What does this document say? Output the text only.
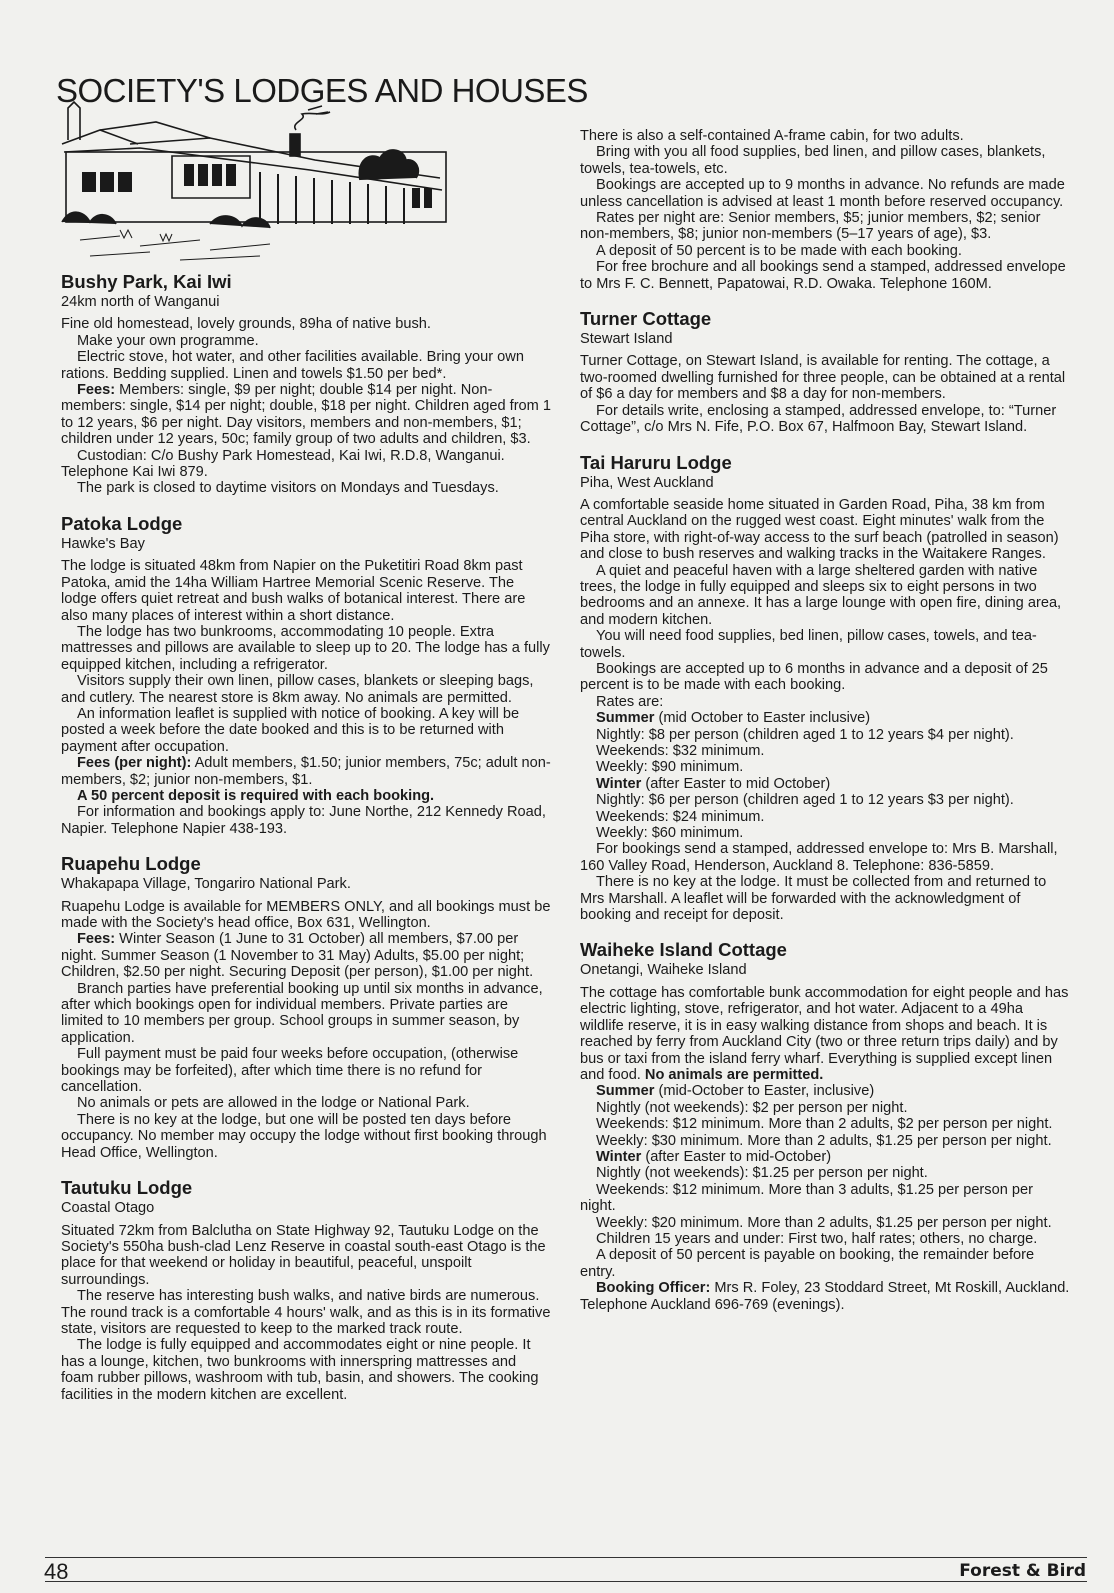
SOCIETY'S LODGES AND HOUSES
Bushy Park, Kai Iwi
24km north of Wanganui

Fine old homestead, lovely grounds, 89ha of native bush.

Make your own programme.

Electric stove, hot water, and other facilities available. Bring your own rations. Bedding supplied. Linen and towels $1.50 per bed*.

Fees: Members: single, $9 per night; double $14 per night. Non-members: single, $14 per night; double, $18 per night. Children aged from 1 to 12 years, $6 per night. Day visitors, members and non-members, $1; children under 12 years, 50c; family group of two adults and children, $3.

Custodian: C/o Bushy Park Homestead, Kai Iwi, R.D.8, Wanganui. Telephone Kai Iwi 879.

The park is closed to daytime visitors on Mondays and Tuesdays.

Patoka Lodge
Hawke's Bay

The lodge is situated 48km from Napier on the Puketitiri Road 8km past Patoka, amid the 14ha William Hartree Memorial Scenic Reserve. The lodge offers quiet retreat and bush walks of botanical interest. There are also many places of interest within a short distance.

The lodge has two bunkrooms, accommodating 10 people. Extra mattresses and pillows are available to sleep up to 20. The lodge has a fully equipped kitchen, including a refrigerator.

Visitors supply their own linen, pillow cases, blankets or sleeping bags, and cutlery. The nearest store is 8km away. No animals are permitted.

An information leaflet is supplied with notice of booking. A key will be posted a week before the date booked and this is to be returned with payment after occupation.

Fees (per night): Adult members, $1.50; junior members, 75c; adult non-members, $2; junior non-members, $1.

A 50 percent deposit is required with each booking.

For information and bookings apply to: June Northe, 212 Kennedy Road, Napier. Telephone Napier 438-193.

Ruapehu Lodge
Whakapapa Village, Tongariro National Park.

Ruapehu Lodge is available for MEMBERS ONLY, and all bookings must be made with the Society's head office, Box 631, Wellington.

Fees: Winter Season (1 June to 31 October) all members, $7.00 per night. Summer Season (1 November to 31 May) Adults, $5.00 per night; Children, $2.50 per night. Securing Deposit (per person), $1.00 per night.

Branch parties have preferential booking up until six months in advance, after which bookings open for individual members. Private parties are limited to 10 members per group. School groups in summer season, by application.

Full payment must be paid four weeks before occupation, (otherwise bookings may be forfeited), after which time there is no refund for cancellation.

No animals or pets are allowed in the lodge or National Park.

There is no key at the lodge, but one will be posted ten days before occupancy. No member may occupy the lodge without first booking through Head Office, Wellington.

Tautuku Lodge
Coastal Otago

Situated 72km from Balclutha on State Highway 92, Tautuku Lodge on the Society's 550ha bush-clad Lenz Reserve in coastal south-east Otago is the place for that weekend or holiday in beautiful, peaceful, unspoilt surroundings.

The reserve has interesting bush walks, and native birds are numerous. The round track is a comfortable 4 hours' walk, and as this is in its formative state, visitors are requested to keep to the marked track route.

The lodge is fully equipped and accommodates eight or nine people. It has a lounge, kitchen, two bunkrooms with innerspring mattresses and foam rubber pillows, washroom with tub, basin, and showers. The cooking facilities in the modern kitchen are excellent.

There is also a self-contained A-frame cabin, for two adults.

Bring with you all food supplies, bed linen, and pillow cases, blankets, towels, tea-towels, etc.

Bookings are accepted up to 9 months in advance. No refunds are made unless cancellation is advised at least 1 month before reserved occupancy.

Rates per night are: Senior members, $5; junior members, $2; senior non-members, $8; junior non-members (5–17 years of age), $3.

A deposit of 50 percent is to be made with each booking.

For free brochure and all bookings send a stamped, addressed envelope to Mrs F. C. Bennett, Papatowai, R.D. Owaka. Telephone 160M.

Turner Cottage
Stewart Island

Turner Cottage, on Stewart Island, is available for renting. The cottage, a two-roomed dwelling furnished for three people, can be obtained at a rental of $6 a day for members and $8 a day for non-members.

For details write, enclosing a stamped, addressed envelope, to: “Turner Cottage”, c/o Mrs N. Fife, P.O. Box 67, Halfmoon Bay, Stewart Island.

Tai Haruru Lodge
Piha, West Auckland

A comfortable seaside home situated in Garden Road, Piha, 38 km from central Auckland on the rugged west coast. Eight minutes' walk from the Piha store, with right-of-way access to the surf beach (patrolled in season) and close to bush reserves and walking tracks in the Waitakere Ranges.

A quiet and peaceful haven with a large sheltered garden with native trees, the lodge in fully equipped and sleeps six to eight persons in two bedrooms and an annexe. It has a large lounge with open fire, dining area, and modern kitchen.

You will need food supplies, bed linen, pillow cases, towels, and tea-towels.

Bookings are accepted up to 6 months in advance and a deposit of 25 percent is to be made with each booking.

Rates are:

Summer (mid October to Easter inclusive)

Nightly: $8 per person (children aged 1 to 12 years $4 per night).

Weekends: $32 minimum.

Weekly: $90 minimum.

Winter (after Easter to mid October)

Nightly: $6 per person (children aged 1 to 12 years $3 per night).

Weekends: $24 minimum.

Weekly: $60 minimum.

For bookings send a stamped, addressed envelope to: Mrs B. Marshall, 160 Valley Road, Henderson, Auckland 8. Telephone: 836-5859.

There is no key at the lodge. It must be collected from and returned to Mrs Marshall. A leaflet will be forwarded with the acknowledgment of booking and receipt for deposit.

Waiheke Island Cottage
Onetangi, Waiheke Island

The cottage has comfortable bunk accommodation for eight people and has electric lighting, stove, refrigerator, and hot water. Adjacent to a 49ha wildlife reserve, it is in easy walking distance from shops and beach. It is reached by ferry from Auckland City (two or three return trips daily) and by bus or taxi from the island ferry wharf. Everything is supplied except linen and food. No animals are permitted.

Summer (mid-October to Easter, inclusive)

Nightly (not weekends): $2 per person per night.

Weekends: $12 minimum. More than 2 adults, $2 per person per night.

Weekly: $30 minimum. More than 2 adults, $1.25 per person per night.

Winter (after Easter to mid-October)

Nightly (not weekends): $1.25 per person per night.

Weekends: $12 minimum. More than 3 adults, $1.25 per person per night.

Weekly: $20 minimum. More than 2 adults, $1.25 per person per night.

Children 15 years and under: First two, half rates; others, no charge.

A deposit of 50 percent is payable on booking, the remainder before entry.

Booking Officer: Mrs R. Foley, 23 Stoddard Street, Mt Roskill, Auckland. Telephone Auckland 696-769 (evenings).

48	Forest & Bird
